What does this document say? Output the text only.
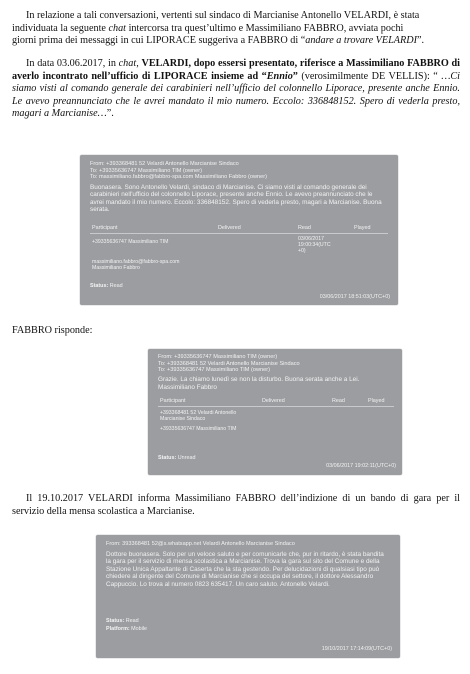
In relazione a tali conversazioni, vertenti sul sindaco di Marcianise Antonello VELARDI, è stata
individuata la seguente chat intercorsa tra quest’ultimo e Massimiliano FABBRO, avviata pochi
giorni prima dei messaggi in cui LIPORACE suggeriva a FABBRO di “andare a trovare VELARDI”.

In data 03.06.2017, in chat, VELARDI, dopo essersi presentato, riferisce a Massimiliano FABBRO di averlo incontrato nell’ufficio di LIPORACE insieme ad “Ennio” (verosimilmente DE VELLIS): “ …Ci siamo visti al comando generale dei carabinieri nell’ufficio del colonnello Liporace, presente anche Ennio. Le avevo preannunciato che le avrei mandato il mio numero. Eccolo: 336848152. Spero di vederla presto, magari a Marcianise…”.

From: +393368481 52 Velardi Antonello Marcianise Sindaco
To: +39335636747 Massimiliano TIM (owner)
To: massimiliano.fabbro@fabbro-spa.com Massimiliano Fabbro (owner)
Buonasera. Sono Antonello Velardi, sindaco di Marcianise. Ci siamo visti al comando generale dei carabinieri nell'ufficio del colonnello Liporace, presente anche Ennio. Le avevo preannunciato che le avrei mandato il mio numero. Eccolo: 336848152. Spero di vederla presto, magari a Marcianise. Buona serata.
Participant	Delivered	Read	Played
+39335636747 Massimiliano TIM	03/06/2017
19:00:34(UTC
+0)
massimiliano.fabbro@fabbro-spa.com
Massimiliano Fabbro
Status: Read
03/06/2017 18:51:03(UTC+0)

FABBRO risponde:

From: +39335636747 Massimiliano TIM (owner)
To: +393368481 52 Velardi Antonello Marcianise Sindaco
To: +39335636747 Massimiliano TIM (owner)
Grazie. La chiamo lunedì se non la disturbo. Buona serata anche a Lei.
Massimiliano Fabbro
Participant	Delivered	Read	Played
+393368481 52 Velardi Antonello
Marcianise Sindaco
+39335636747 Massimiliano TIM
Status: Unread
03/06/2017 19:02:11(UTC+0)

Il 19.10.2017 VELARDI informa Massimiliano FABBRO dell’indizione di un bando di gara per il servizio della mensa scolastica a Marcianise.

From: 393368481 52@s.whatsapp.net Velardi Antonello Marcianise Sindaco
Dottore buonasera. Solo per un veloce saluto e per comunicarle che, pur in ritardo, è stata bandita la gara per il servizio di mensa scolastica a Marcianise. Trova la gara sul sito del Comune e della Stazione Unica Appaltante di Caserta che la sta gestendo. Per delucidazioni di qualsiasi tipo può chiedere al dirigente del Comune di Marcianise che si occupa del settore, il dottore Alessandro Cappuccio. Lo trova al numero 0823 635417. Un caro saluto. Antonello Velardi.
Status: Read
Platform: Mobile
19/10/2017 17:14:09(UTC+0)
